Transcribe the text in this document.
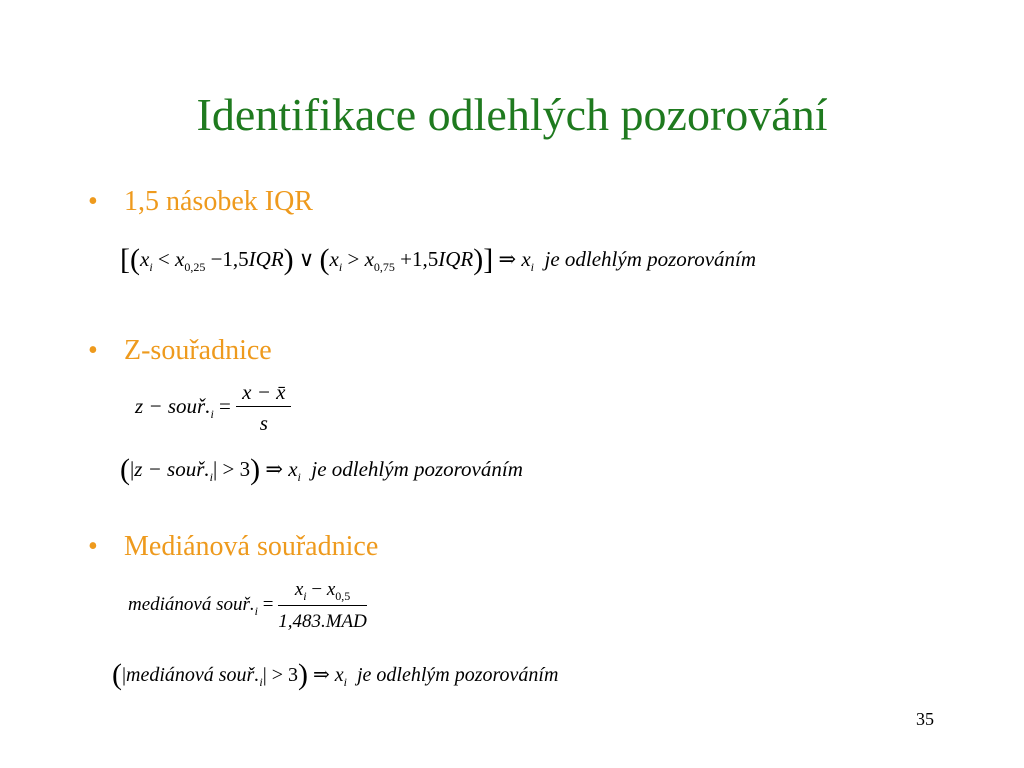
Identifikace odlehlých pozorování
• 1,5 násobek IQR
[$(x_i < x_{0,25} -1,5IQR)$ ∨ $(x_i > x_{0,75} +1,5IQR)$] ⇒ $x_i$ je odlehlým pozorováním
• Z-souřadnice
$z - souř._i = \frac{x - x̄}{s}$
$(|z - souř._i| > 3)$ ⇒ $x_i$ je odlehlým pozorováním
• Mediánová souřadnice
mediánová $souř._i = \frac{x_i - x_{0,5}}{\text{1,483.MAD}}$
(|mediánová $souř._i| > 3$) ⇒ $x_i$ je odlehlým pozorováním
35
